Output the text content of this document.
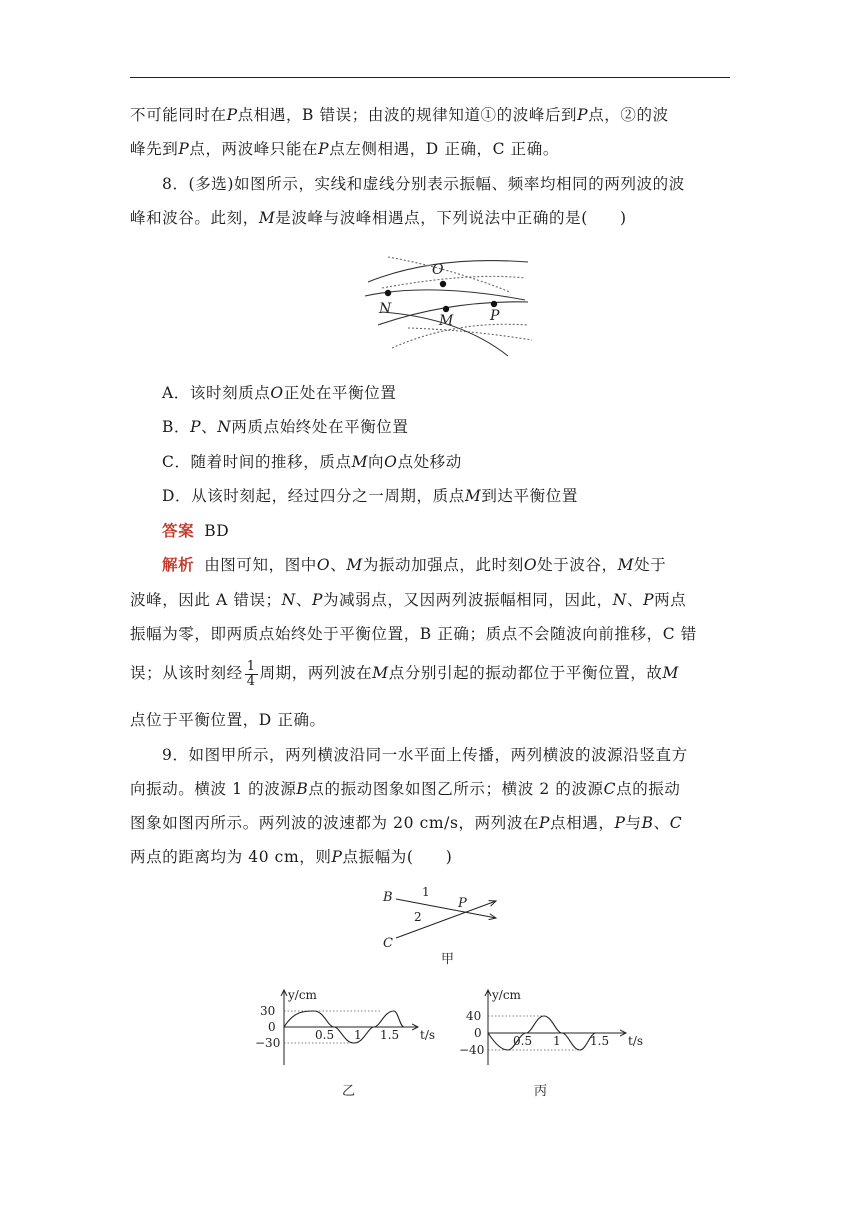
不可能同时在P点相遇，B 错误；由波的规律知道①的波峰后到P点，②的波
峰先到P点，两波峰只能在P点左侧相遇，D 正确，C 正确。
8．(多选)如图所示，实线和虚线分别表示振幅、频率均相同的两列波的波
峰和波谷。此刻，M是波峰与波峰相遇点，下列说法中正确的是(　　)
O
N
M	P
A．该时刻质点O正处在平衡位置
B．P、N两质点始终处在平衡位置
C．随着时间的推移，质点M向O点处移动
D．从该时刻起，经过四分之一周期，质点M到达平衡位置
答案 BD
解析 由图可知，图中O、M为振动加强点，此时刻O处于波谷，M处于
波峰，因此 A 错误；N、P为减弱点，又因两列波振幅相同，因此，N、P两点
振幅为零，即两质点始终处于平衡位置，B 正确；质点不会随波向前推移，C 错
误；从该时刻经 $\frac{1}{4}$ 周期，两列波在M点分别引起的振动都位于平衡位置，故M
点位于平衡位置，D 正确。
9．如图甲所示，两列横波沿同一水平面上传播，两列横波的波源沿竖直方
向振动。横波 1 的波源B点的振动图象如图乙所示；横波 2 的波源C点的振动
图象如图丙所示。两列波的波速都为 20 cm/s，两列波在P点相遇，P与B、C
两点的距离均为 40 cm，则P点振幅为(　　)
B
C
P
1
2
甲
y/cm
t/s
30
0
−30
0.5 1 1.5
乙
y/cm
t/s
40
0
−40
0.5 1 1.5
丙
